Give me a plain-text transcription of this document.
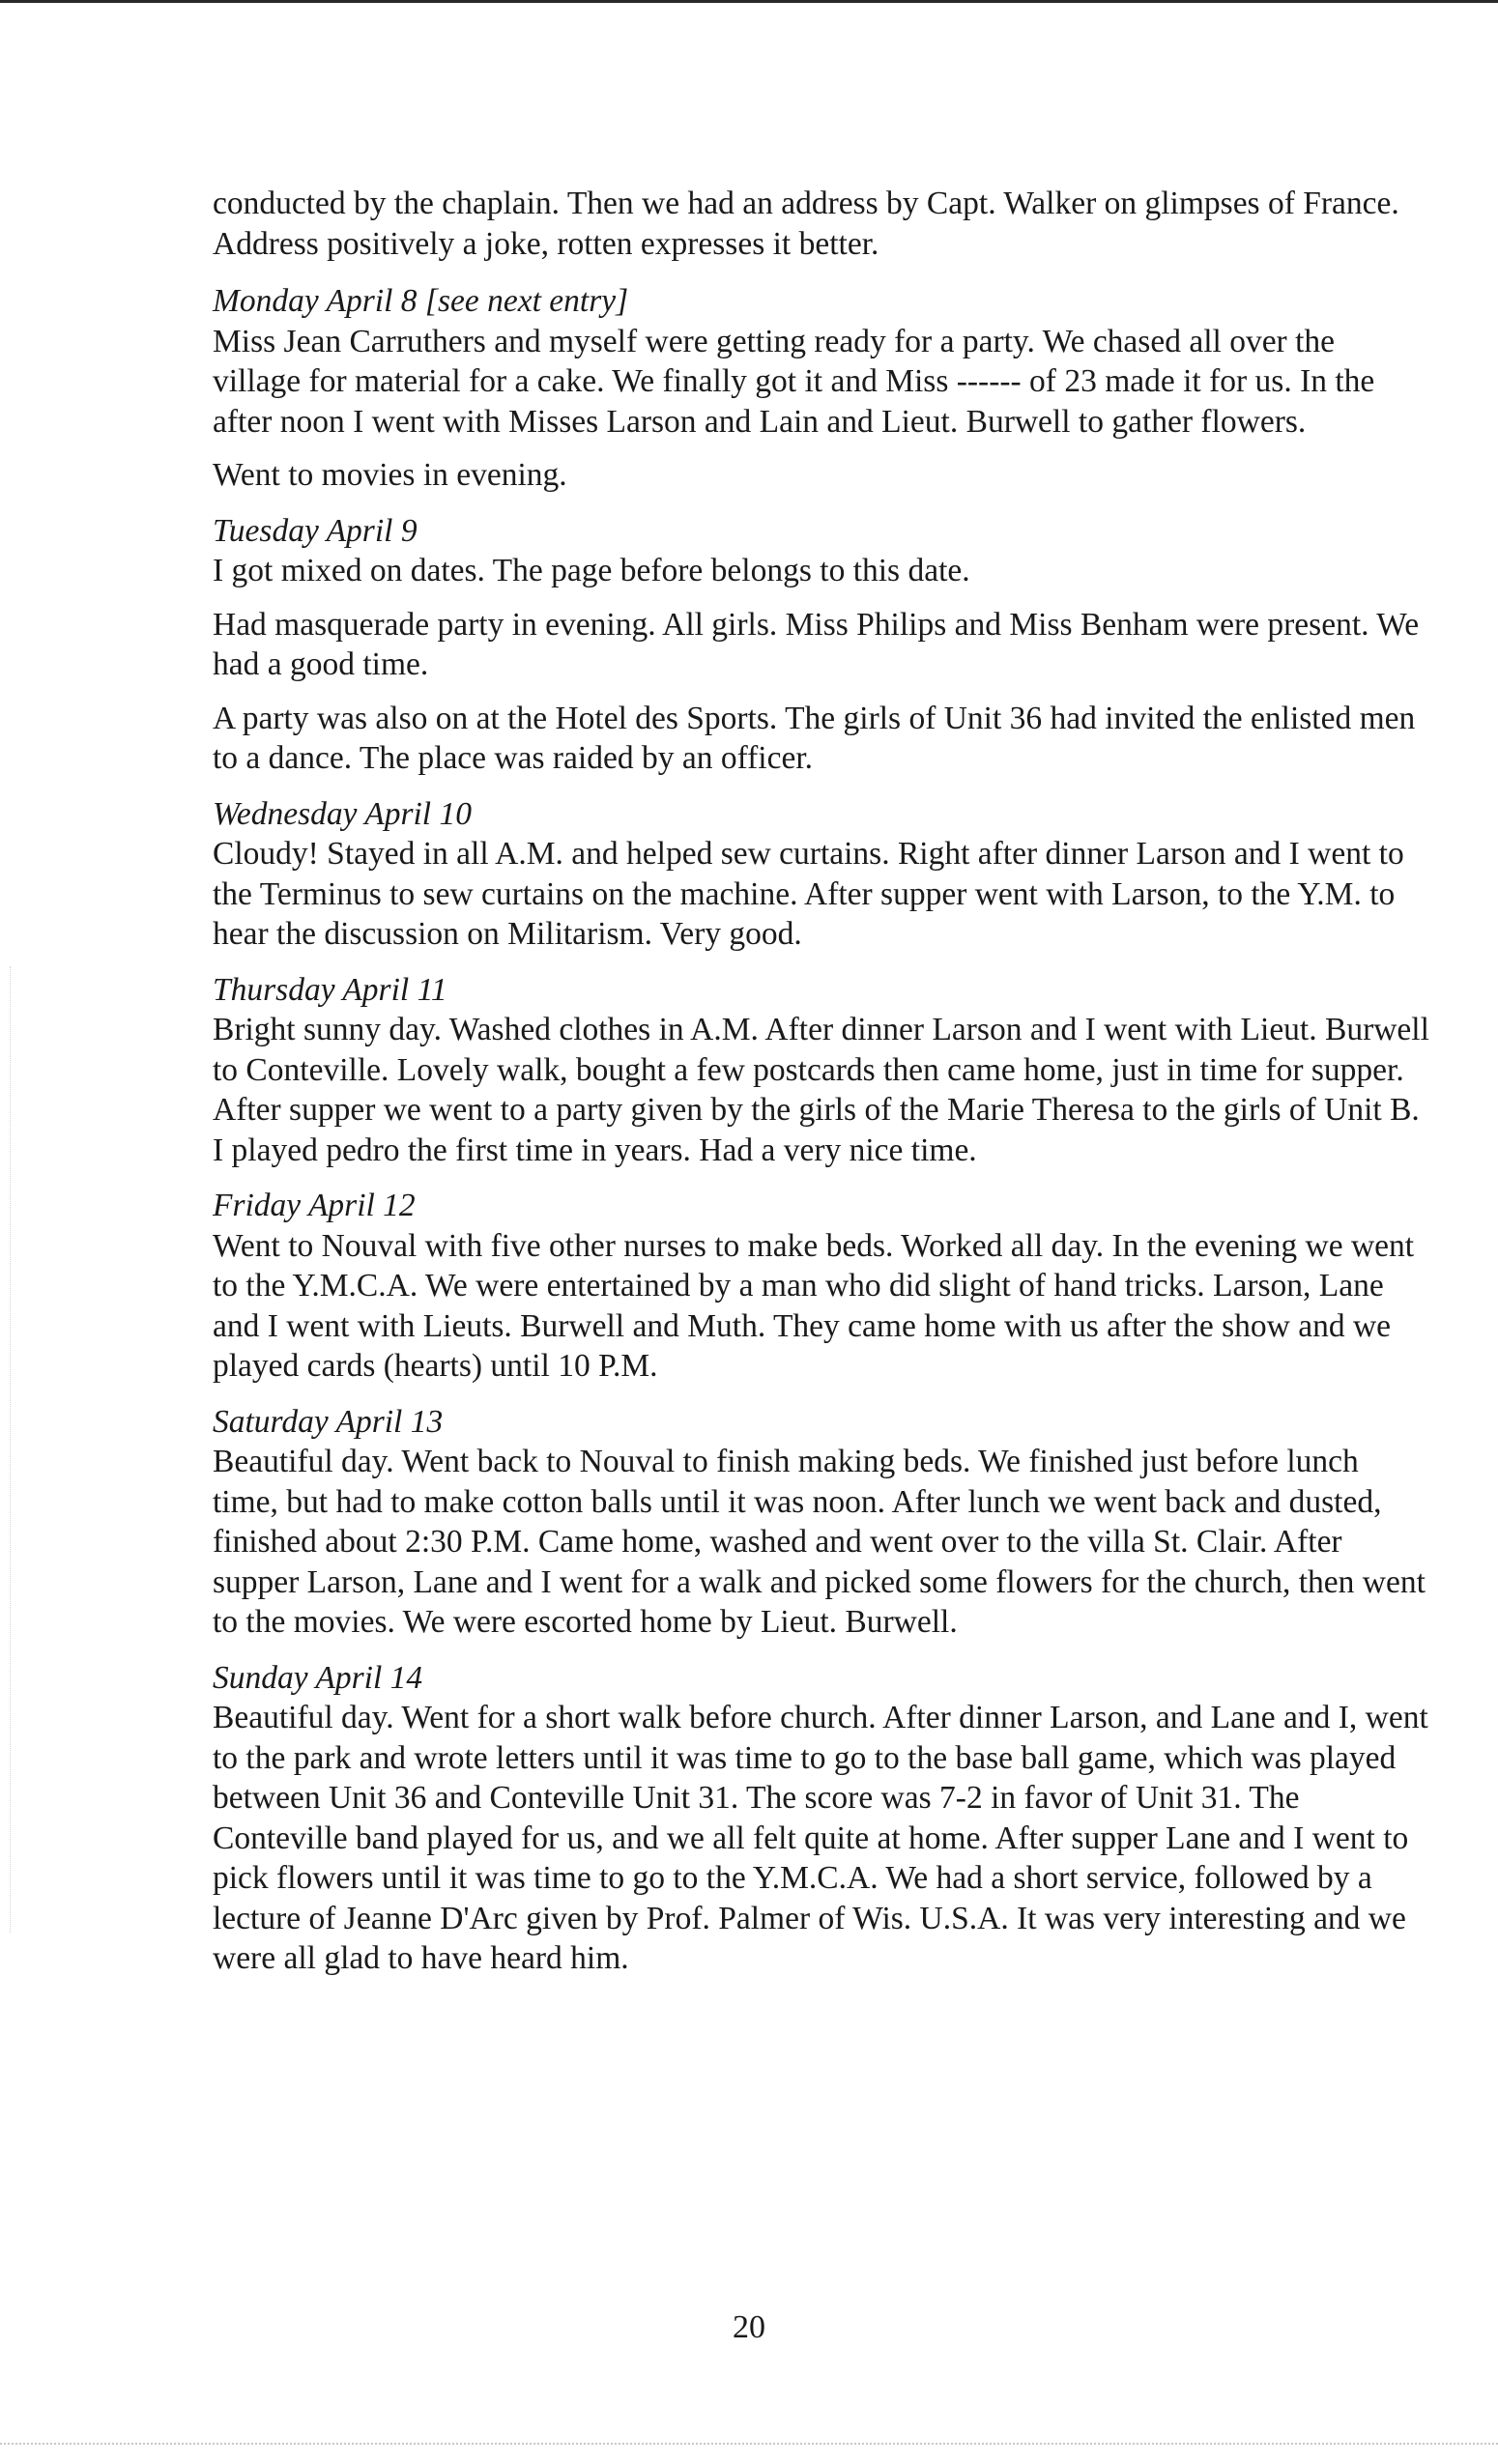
conducted by the chaplain. Then we had an address by Capt. Walker on glimpses of France. Address positively a joke, rotten expresses it better.

Monday April 8 [see next entry]

Miss Jean Carruthers and myself were getting ready for a party. We chased all over the village for material for a cake. We finally got it and Miss ------ of 23 made it for us. In the after noon I went with Misses Larson and Lain and Lieut. Burwell to gather flowers.

Went to movies in evening.

Tuesday April 9

I got mixed on dates. The page before belongs to this date.

Had masquerade party in evening. All girls. Miss Philips and Miss Benham were present. We had a good time.

A party was also on at the Hotel des Sports. The girls of Unit 36 had invited the enlisted men to a dance. The place was raided by an officer.

Wednesday April 10

Cloudy! Stayed in all A.M. and helped sew curtains. Right after dinner Larson and I went to the Terminus to sew curtains on the machine. After supper went with Larson, to the Y.M. to hear the discussion on Militarism. Very good.

Thursday April 11

Bright sunny day. Washed clothes in A.M. After dinner Larson and I went with Lieut. Burwell to Conteville. Lovely walk, bought a few postcards then came home, just in time for supper. After supper we went to a party given by the girls of the Marie Theresa to the girls of Unit B. I played pedro the first time in years. Had a very nice time.

Friday April 12

Went to Nouval with five other nurses to make beds. Worked all day. In the evening we went to the Y.M.C.A. We were entertained by a man who did slight of hand tricks. Larson, Lane and I went with Lieuts. Burwell and Muth. They came home with us after the show and we played cards (hearts) until 10 P.M.

Saturday April 13

Beautiful day. Went back to Nouval to finish making beds. We finished just before lunch time, but had to make cotton balls until it was noon. After lunch we went back and dusted, finished about 2:30 P.M. Came home, washed and went over to the villa St. Clair. After supper Larson, Lane and I went for a walk and picked some flowers for the church, then went to the movies. We were escorted home by Lieut. Burwell.

Sunday April 14

Beautiful day. Went for a short walk before church. After dinner Larson, and Lane and I, went to the park and wrote letters until it was time to go to the base ball game, which was played between Unit 36 and Conteville Unit 31. The score was 7-2 in favor of Unit 31. The Conteville band played for us, and we all felt quite at home. After supper Lane and I went to pick flowers until it was time to go to the Y.M.C.A. We had a short service, followed by a lecture of Jeanne D'Arc given by Prof. Palmer of Wis. U.S.A. It was very interesting and we were all glad to have heard him.

20
